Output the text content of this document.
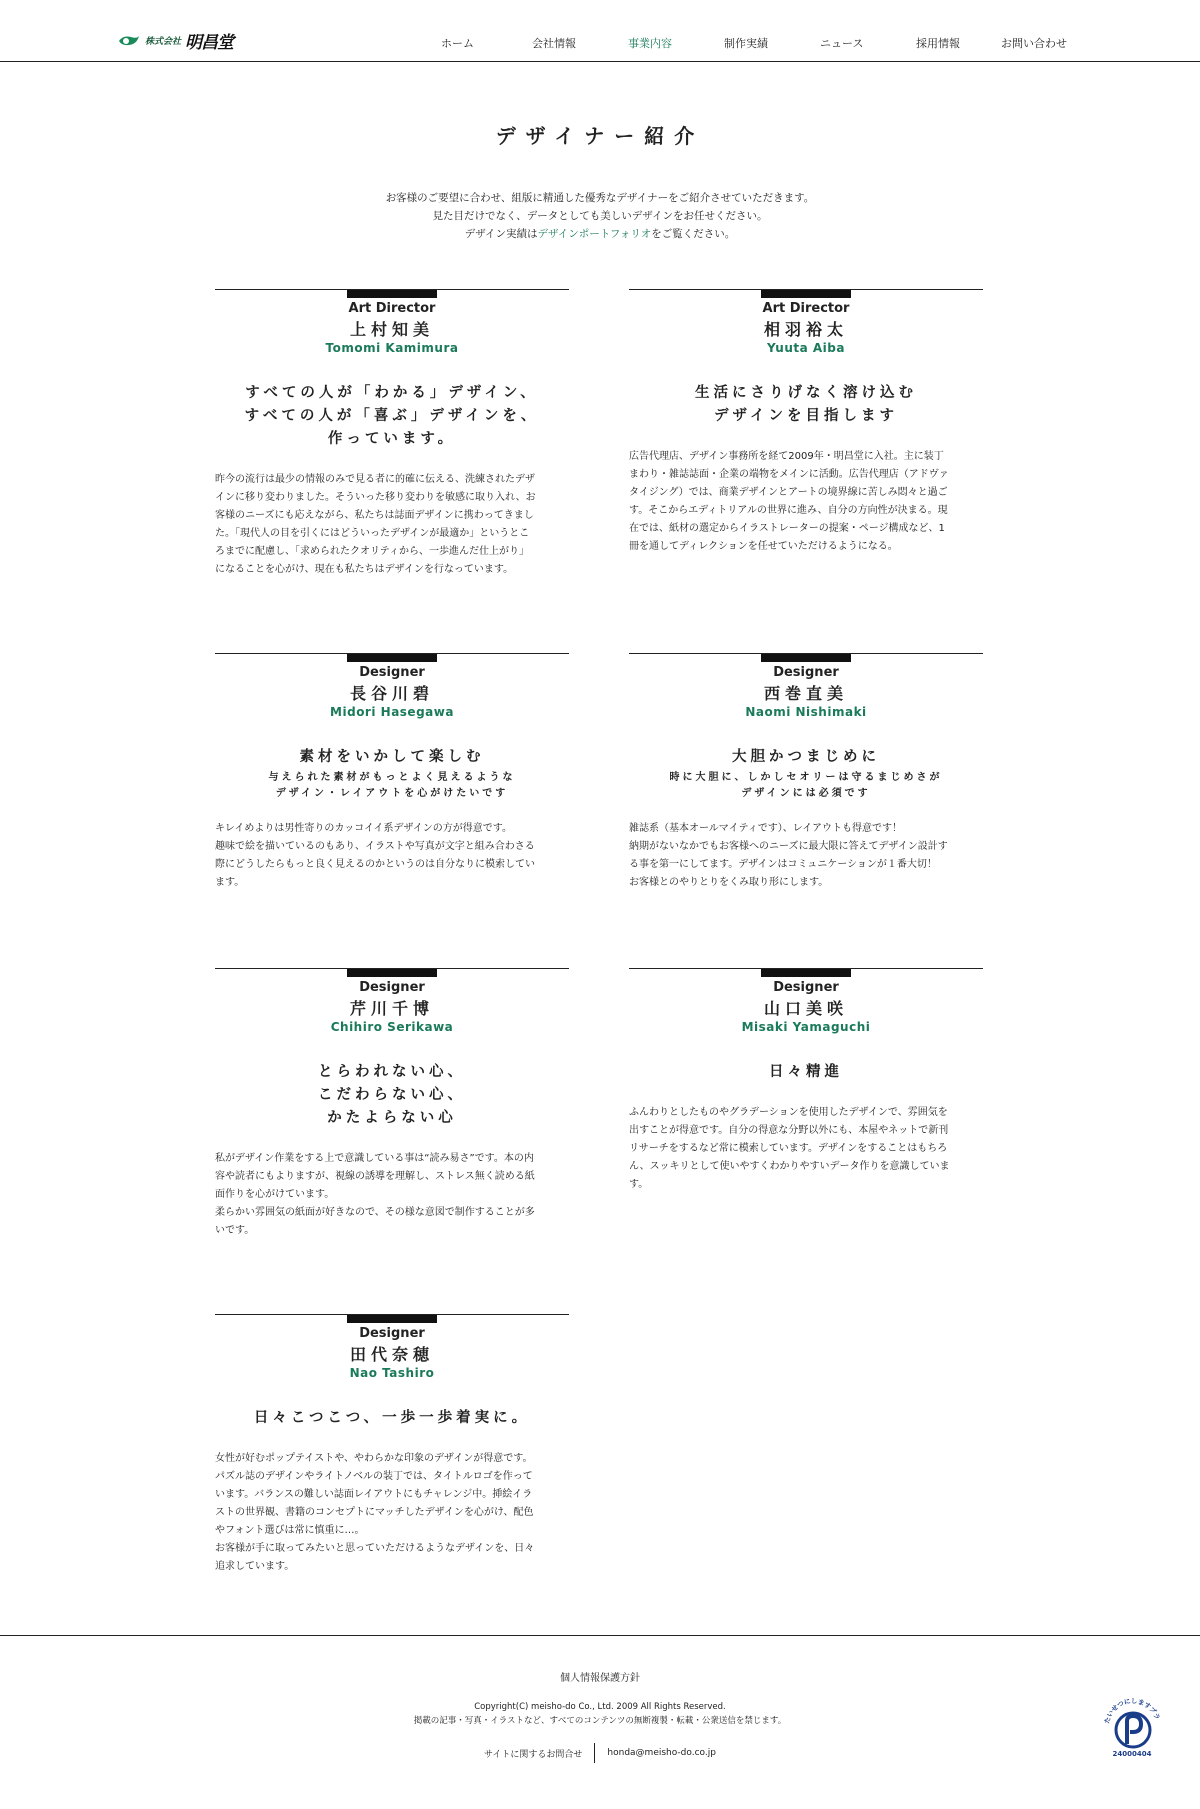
株式会社 明昌堂	ホーム	会社情報	事業内容	制作実績	ニュース	採用情報	お問い合わせ
デザイナー紹介
お客様のご要望に合わせ、組版に精通した優秀なデザイナーをご紹介させていただきます。
見た目だけでなく、データとしても美しいデザインをお任せください。
デザイン実績はデザインポートフォリオをご覧ください。
Art Director
上村知美
Tomomi Kamimura
すべての人が「わかる」デザイン、
すべての人が「喜ぶ」デザインを、
作っています。
昨今の流行は最少の情報のみで見る者に的確に伝える、洗練されたデザ
インに移り変わりました。そういった移り変わりを敏感に取り入れ、お
客様のニーズにも応えながら、私たちは誌面デザインに携わってきまし
た。「現代人の目を引くにはどういったデザインが最適か」というとこ
ろまでに配慮し、「求められたクオリティから、一歩進んだ仕上がり」
になることを心がけ、現在も私たちはデザインを行なっています。
Art Director
相羽裕太
Yuuta Aiba
生活にさりげなく溶け込む
デザインを目指します
広告代理店、デザイン事務所を経て2009年・明昌堂に入社。主に装丁
まわり・雑誌誌面・企業の端物をメインに活動。広告代理店（アドヴァ
タイジング）では、商業デザインとアートの境界線に苦しみ悶々と過ご
す。そこからエディトリアルの世界に進み、自分の方向性が決まる。現
在では、紙材の選定からイラストレーターの提案・ページ構成など、1
冊を通してディレクションを任せていただけるようになる。
Designer
長谷川碧
Midori Hasegawa
素材をいかして楽しむ
与えられた素材がもっとよく見えるような
デザイン・レイアウトを心がけたいです
キレイめよりは男性寄りのカッコイイ系デザインの方が得意です。
趣味で絵を描いているのもあり、イラストや写真が文字と組み合わさる
際にどうしたらもっと良く見えるのかというのは自分なりに模索してい
ます。
Designer
西巻直美
Naomi Nishimaki
大胆かつまじめに
時に大胆に、しかしセオリーは守るまじめさが
デザインには必須です
雑誌系（基本オールマイティです）、レイアウトも得意です！
納期がないなかでもお客様へのニーズに最大限に答えてデザイン設計す
る事を第一にしてます。デザインはコミュニケーションが１番大切！
お客様とのやりとりをくみ取り形にします。
Designer
芹川千博
Chihiro Serikawa
とらわれない心、
こだわらない心、
かたよらない心
私がデザイン作業をする上で意識している事は“読み易さ”です。本の内
容や読者にもよりますが、視線の誘導を理解し、ストレス無く読める紙
面作りを心がけています。
柔らかい雰囲気の紙面が好きなので、その様な意図で制作することが多
いです。
Designer
山口美咲
Misaki Yamaguchi
日々精進
ふんわりとしたものやグラデーションを使用したデザインで、雰囲気を
出すことが得意です。自分の得意な分野以外にも、本屋やネットで新刊
リサーチをするなど常に模索しています。デザインをすることはもちろ
ん、スッキリとして使いやすくわかりやすいデータ作りを意識していま
す。
Designer
田代奈穂
Nao Tashiro
日々こつこつ、一歩一歩着実に。
女性が好むポップテイストや、やわらかな印象のデザインが得意です。
パズル誌のデザインやライトノベルの装丁では、タイトルロゴを作って
います。バランスの難しい誌面レイアウトにもチャレンジ中。挿絵イラ
ストの世界観、書籍のコンセプトにマッチしたデザインを心がけ、配色
やフォント選びは常に慎重に…。
お客様が手に取ってみたいと思っていただけるようなデザインを、日々
追求しています。
個人情報保護方針
Copyright(C) meisho-do Co., Ltd. 2009 All Rights Reserved.
掲載の記事・写真・イラストなど、すべてのコンテンツの無断複製・転載・公衆送信を禁じます。
サイトに関するお問合せ	honda@meisho-do.co.jp
たいせつにしますプラ
24000404
